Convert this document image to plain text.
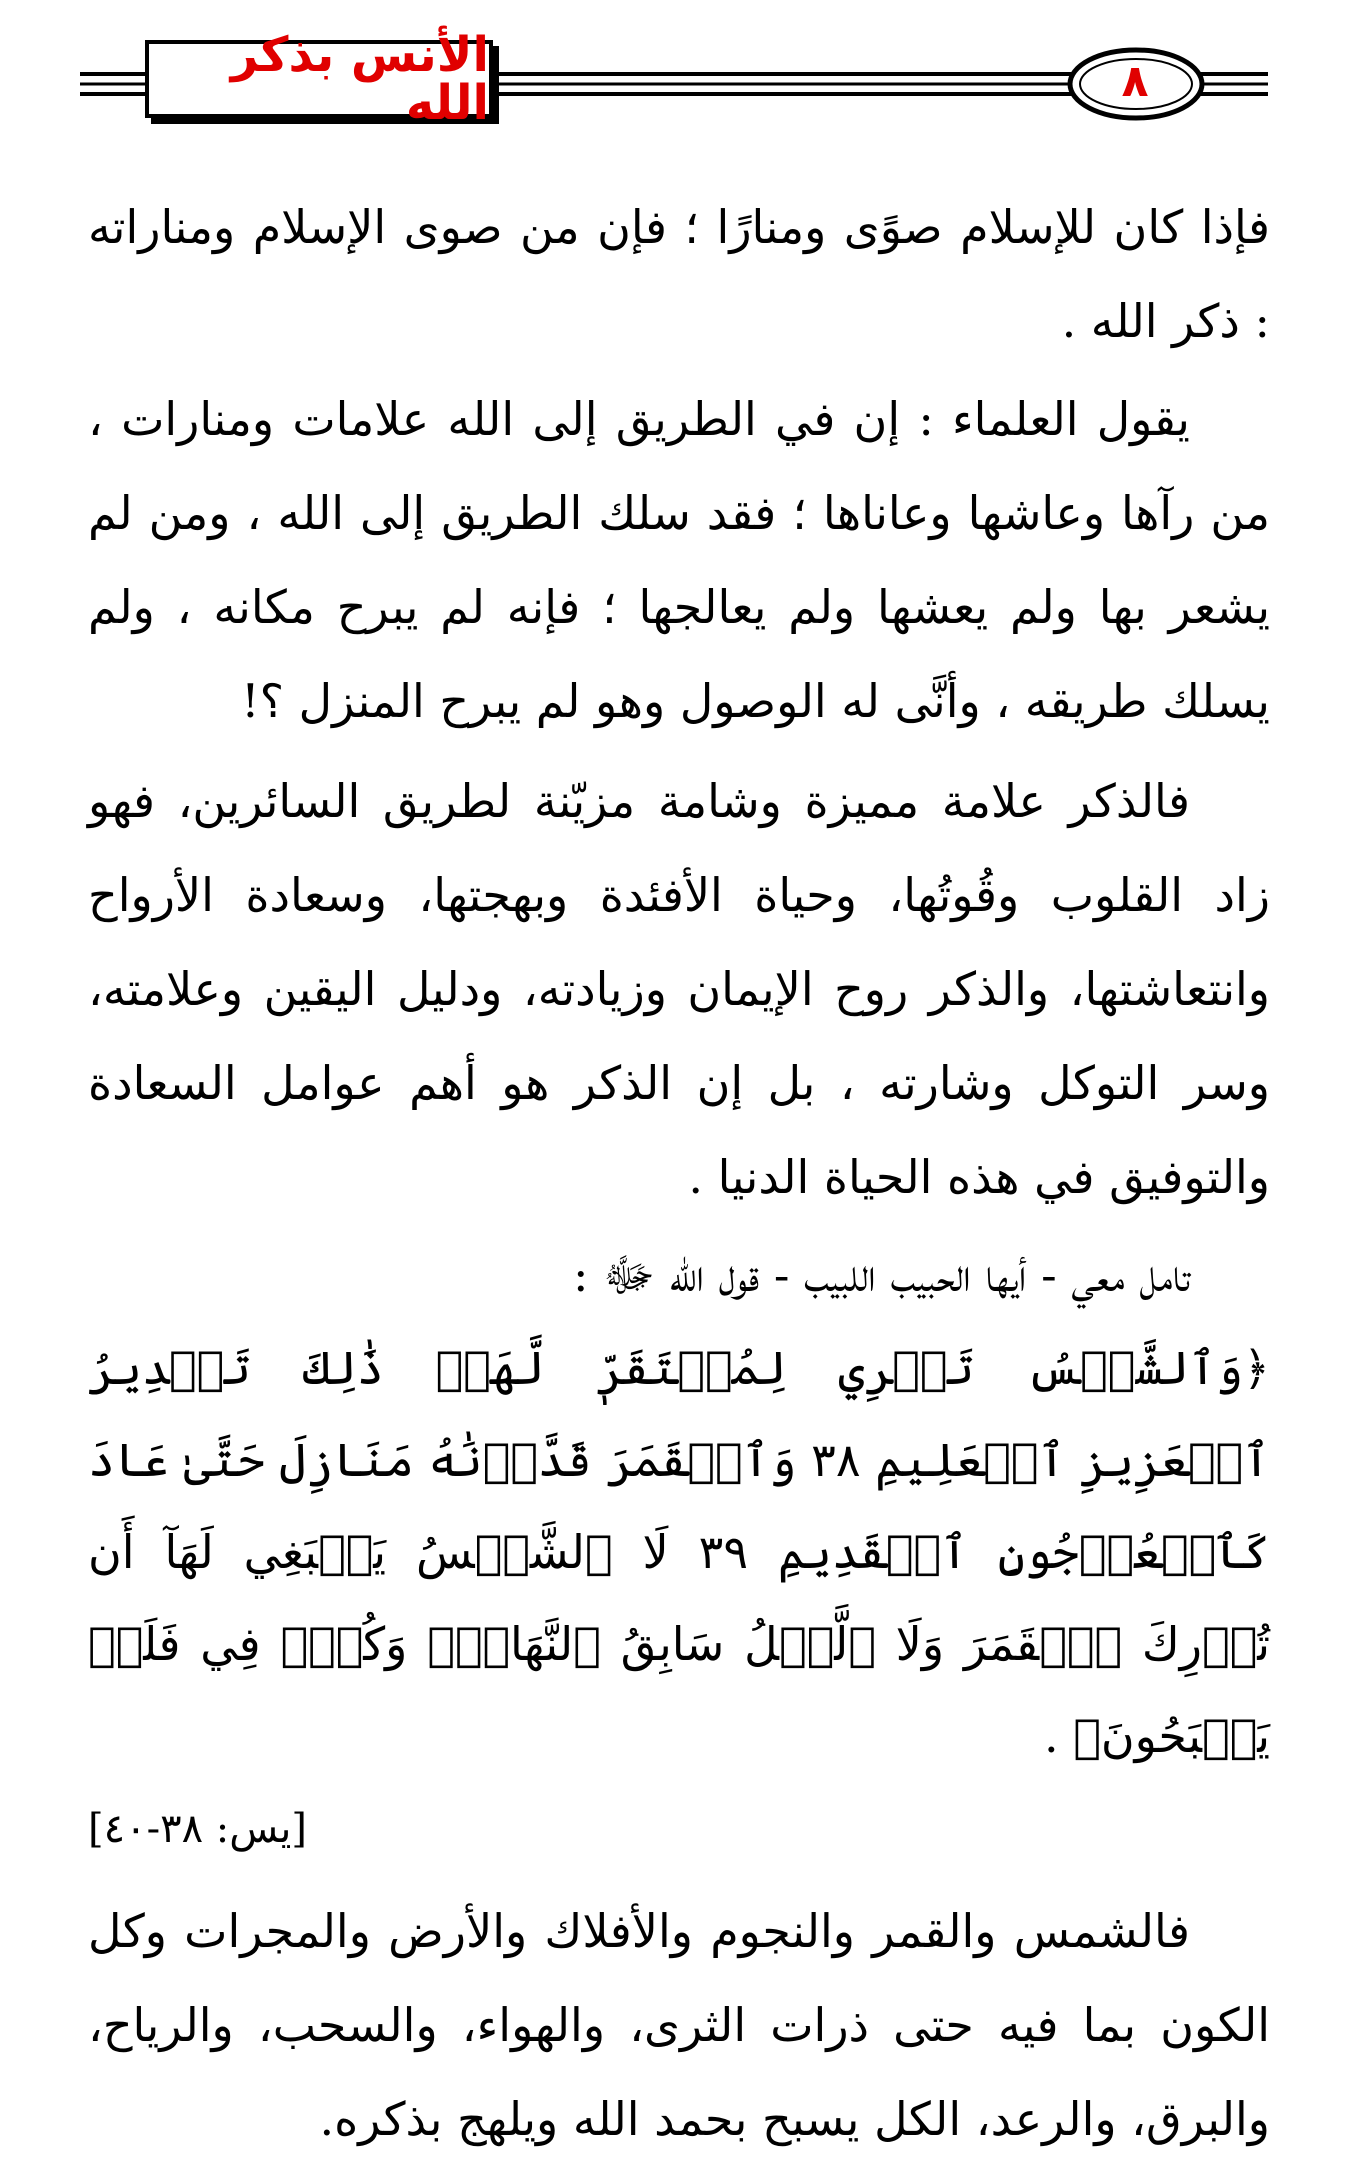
الأنس بذكر الله	٨

فإذا كان للإسلام صوًى ومنارًا ؛ فإن من صوى الإسلام ومناراته : ذكر الله .

يقول العلماء : إن في الطريق إلى الله علامات ومنارات ، من رآها وعاشها وعاناها ؛ فقد سلك الطريق إلى الله ، ومن لم يشعر بها ولم يعشها ولم يعالجها ؛ فإنه لم يبرح مكانه ، ولم يسلك طريقه ، وأنَّى له الوصول وهو لم يبرح المنزل ؟!

فالذكر علامة مميزة وشامة مزيّنة لطريق السائرين، فهو زاد القلوب وقُوتُها، وحياة الأفئدة وبهجتها، وسعادة الأرواح وانتعاشتها، والذكر روح الإيمان وزيادته، ودليل اليقين وعلامته، وسر التوكل وشارته ، بل إن الذكر هو أهم عوامل السعادة والتوفيق في هذه الحياة الدنيا .

تامل معي - أيها الحبيب اللبيب - قول الله ﷻ :

﴿وَٱلشَّمۡسُ تَجۡرِي لِمُسۡتَقَرّٖ لَّهَاۚ ذَٰلِكَ تَقۡدِيرُ ٱلۡعَزِيزِ ٱلۡعَلِيمِ ٣٨ وَٱلۡقَمَرَ قَدَّرۡنَٰهُ مَنَازِلَ حَتَّىٰ عَادَ كَٱلۡعُرۡجُونِ ٱلۡقَدِيمِ ٣٩ لَا ٱلشَّمۡسُ يَنۢبَغِي لَهَآ أَن تُدۡرِكَ ٱلۡقَمَرَ وَلَا ٱلَّيۡلُ سَابِقُ ٱلنَّهَارِۚ وَكُلّٞ فِي فَلَكٖ يَسۡبَحُونَ﴾ .

[يس: ٣٨-٤٠]

فالشمس والقمر والنجوم والأفلاك والأرض والمجرات وكل الكون بما فيه حتى ذرات الثرى، والهواء، والسحب، والرياح، والبرق، والرعد، الكل يسبح بحمد الله ويلهج بذكره.
